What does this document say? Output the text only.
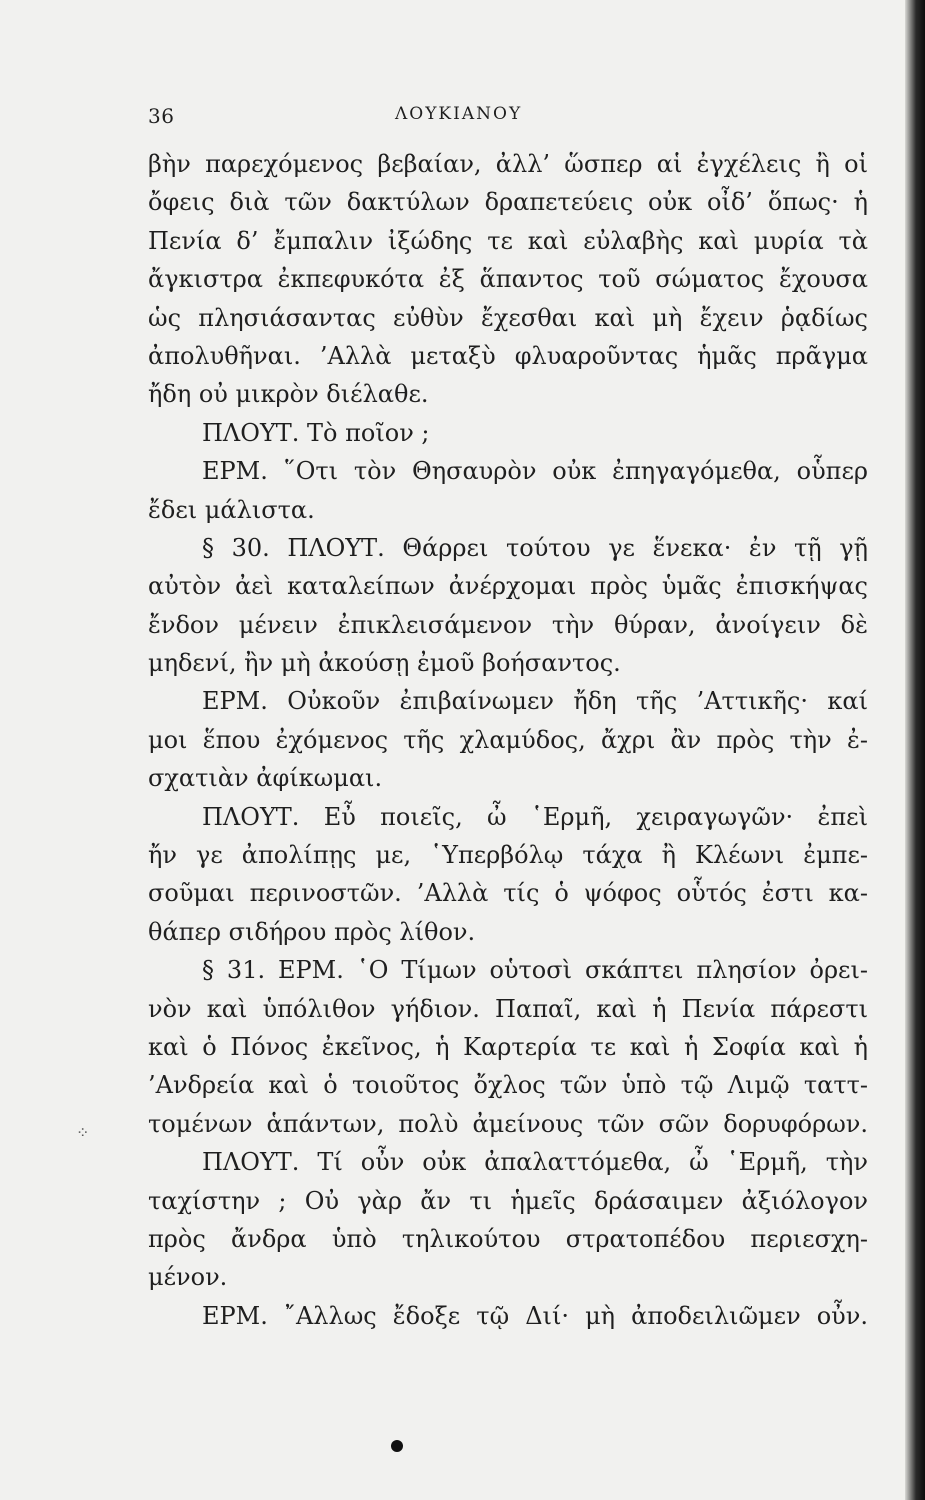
36	ΛΟΥΚΙΑΝΟΥ
βὴν παρεχόμενος βεβαίαν, ἀλλ’ ὥσπερ αἱ ἐγχέλεις ἢ οἱ
ὄφεις διὰ τῶν δακτύλων δραπετεύεις οὐκ οἶδ’ ὅπως· ἡ
Πενία δ’ ἔμπαλιν ἰξώδης τε καὶ εὐλαβὴς καὶ μυρία τὰ
ἄγκιστρα ἐκπεφυκότα ἐξ ἅπαντος τοῦ σώματος ἔχουσα
ὡς πλησιάσαντας εὐθὺν ἔχεσθαι καὶ μὴ ἔχειν ῥᾳδίως
ἀπολυθῆναι. ’Αλλὰ μεταξὺ φλυαροῦντας ἡμᾶς πρᾶγμα
ἤδη οὐ μικρὸν διέλαθε.
ΠΛΟΥΤ. Τὸ ποῖον ;
ΕΡΜ. ῞Οτι τὸν Θησαυρὸν οὐκ ἐπηγαγόμεθα, οὗπερ
ἔδει μάλιστα.
§ 30. ΠΛΟΥΤ. Θάρρει τούτου γε ἕνεκα· ἐν τῇ γῇ
αὐτὸν ἀεὶ καταλείπων ἀνέρχομαι πρὸς ὑμᾶς ἐπισκήψας
ἔνδον μένειν ἐπικλεισάμενον τὴν θύραν, ἀνοίγειν δὲ
μηδενί, ἢν μὴ ἀκούσῃ ἐμοῦ βοήσαντος.
ΕΡΜ. Οὐκοῦν ἐπιβαίνωμεν ἤδη τῆς ’Αττικῆς· καί
μοι ἕπου ἐχόμενος τῆς χλαμύδος, ἄχρι ἂν πρὸς τὴν ἐ-
σχατιὰν ἀφίκωμαι.
ΠΛΟΥΤ. Εὖ ποιεῖς, ὦ ῾Ερμῆ, χειραγωγῶν· ἐπεὶ
ἤν γε ἀπολίπῃς με, ῾Υπερβόλῳ τάχα ἢ Κλέωνι ἐμπε-
σοῦμαι περινοστῶν. ’Αλλὰ τίς ὁ ψόφος οὗτός ἐστι κα-
θάπερ σιδήρου πρὸς λίθον.
§ 31. ΕΡΜ. ῾Ο Τίμων οὑτοσὶ σκάπτει πλησίον ὀρει-
νὸν καὶ ὑπόλιθον γήδιον. Παπαῖ, καὶ ἡ Πενία πάρεστι
καὶ ὁ Πόνος ἐκεῖνος, ἡ Καρτερία τε καὶ ἡ Σοφία καὶ ἡ
’Ανδρεία καὶ ὁ τοιοῦτος ὄχλος τῶν ὑπὸ τῷ Λιμῷ ταττ-
τομένων ἁπάντων, πολὺ ἀμείνους τῶν σῶν δορυφόρων.
ΠΛΟΥΤ. Τί οὖν οὐκ ἀπαλαττόμεθα, ὦ ῾Ερμῆ, τὴν
ταχίστην ; Οὐ γὰρ ἄν τι ἡμεῖς δράσαιμεν ἀξιόλογον
πρὸς ἄνδρα ὑπὸ τηλικούτου στρατοπέδου περιεσχη-
μένον.
ΕΡΜ. ῎Αλλως ἔδοξε τῷ Διί· μὴ ἀποδειλιῶμεν οὖν.
⁘
